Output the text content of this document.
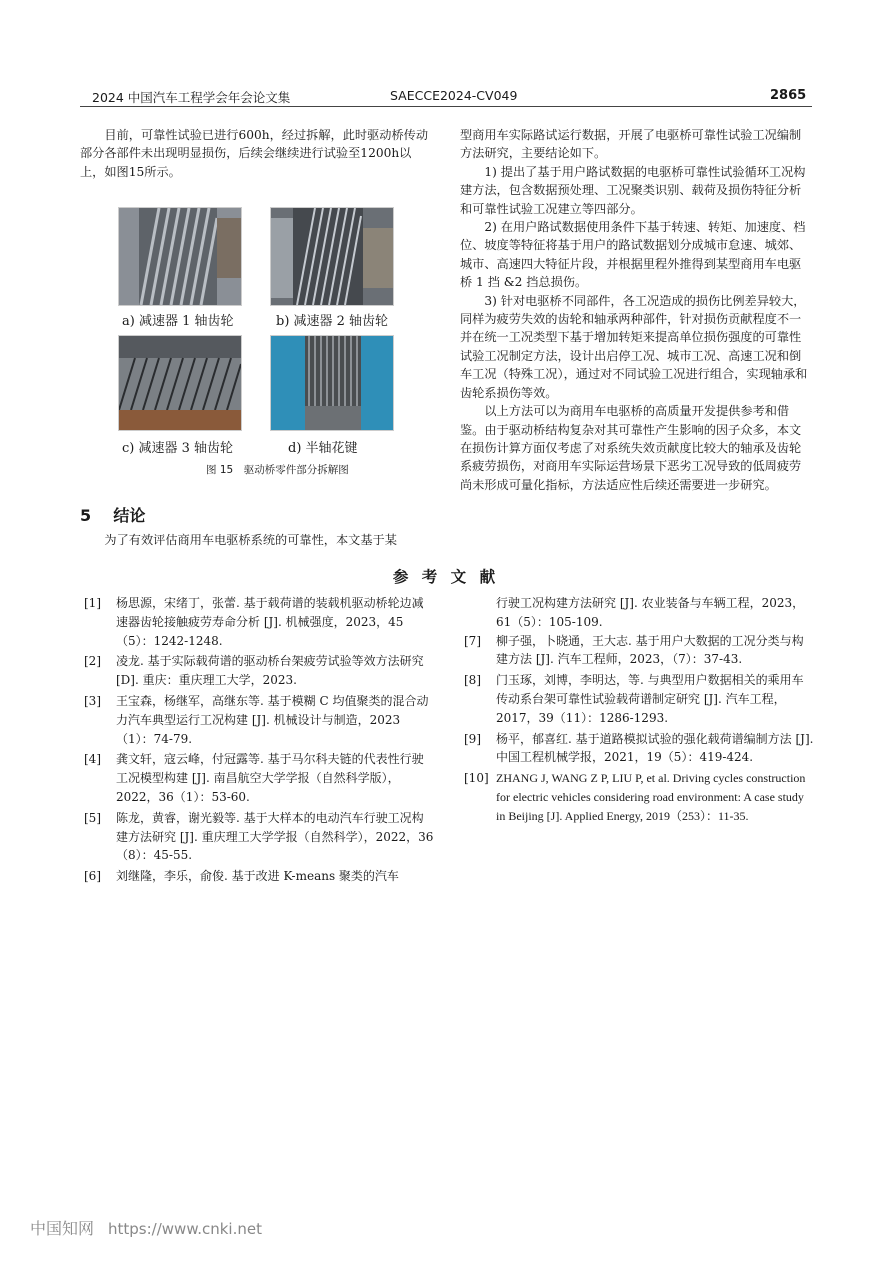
2024 中国汽车工程学会年会论文集	SAECCE2024-CV049	2865

目前，可靠性试验已进行600h，经过拆解，此时驱动桥传动部分各部件未出现明显损伤，后续会继续进行试验至1200h以上，如图15所示。

a) 减速器 1 轴齿轮	b) 减速器 2 轴齿轮
c) 减速器 3 轴齿轮	d) 半轴花键
图 15　驱动桥零件部分拆解图
5 结论

为了有效评估商用车电驱桥系统的可靠性，本文基于某

型商用车实际路试运行数据，开展了电驱桥可靠性试验工况编制方法研究，主要结论如下。

1) 提出了基于用户路试数据的电驱桥可靠性试验循环工况构建方法，包含数据预处理、工况聚类识别、载荷及损伤特征分析和可靠性试验工况建立等四部分。

2) 在用户路试数据使用条件下基于转速、转矩、加速度、档位、坡度等特征将基于用户的路试数据划分成城市怠速、城郊、城市、高速四大特征片段，并根据里程外推得到某型商用车电驱桥 1 挡 &2 挡总损伤。

3) 针对电驱桥不同部件，各工况造成的损伤比例差异较大，同样为疲劳失效的齿轮和轴承两种部件，针对损伤贡献程度不一并在统一工况类型下基于增加转矩来提高单位损伤强度的可靠性试验工况制定方法，设计出启停工况、城市工况、高速工况和倒车工况（特殊工况），通过对不同试验工况进行组合，实现轴承和齿轮系损伤等效。

以上方法可以为商用车电驱桥的高质量开发提供参考和借鉴。由于驱动桥结构复杂对其可靠性产生影响的因子众多，本文在损伤计算方面仅考虑了对系统失效贡献度比较大的轴承及齿轮系疲劳损伤，对商用车实际运营场景下恶劣工况导致的低周疲劳尚未形成可量化指标，方法适应性后续还需要进一步研究。

参 考 文 献
[1]	杨思源，宋绪丁，张蕾. 基于载荷谱的装载机驱动桥轮边减速器齿轮接触疲劳寿命分析 [J]. 机械强度，2023，45（5）：1242-1248.
[2]	凌龙. 基于实际载荷谱的驱动桥台架疲劳试验等效方法研究 [D]. 重庆：重庆理工大学，2023.
[3]	王宝森，杨继军，高继东等. 基于模糊 C 均值聚类的混合动力汽车典型运行工况构建 [J]. 机械设计与制造，2023（1）：74-79.
[4]	龚文轩，寇云峰，付冠露等. 基于马尔科夫链的代表性行驶工况模型构建 [J]. 南昌航空大学学报（自然科学版），2022，36（1）：53-60.
[5]	陈龙，黄睿，谢光毅等. 基于大样本的电动汽车行驶工况构建方法研究 [J]. 重庆理工大学学报（自然科学），2022，36（8）：45-55.
[6]	刘继隆，李乐，俞俊. 基于改进 K-means 聚类的汽车
行驶工况构建方法研究 [J]. 农业装备与车辆工程，2023，61（5）：105-109.
[7]	柳子强，卜晓通，王大志. 基于用户大数据的工况分类与构建方法 [J]. 汽车工程师，2023，（7）：37-43.
[8]	门玉琢，刘博，李明达，等. 与典型用户数据相关的乘用车传动系台架可靠性试验载荷谱制定研究 [J]. 汽车工程，2017，39（11）：1286-1293.
[9]	杨平，郁喜红. 基于道路模拟试验的强化载荷谱编制方法 [J]. 中国工程机械学报，2021，19（5）：419-424.
[10] ZHANG J, WANG Z P, LIU P, et al. Driving cycles construction for electric vehicles considering road environment: A case study in Beijing [J]. Applied Energy, 2019（253）：11-35.
中国知网 https://www.cnki.net
